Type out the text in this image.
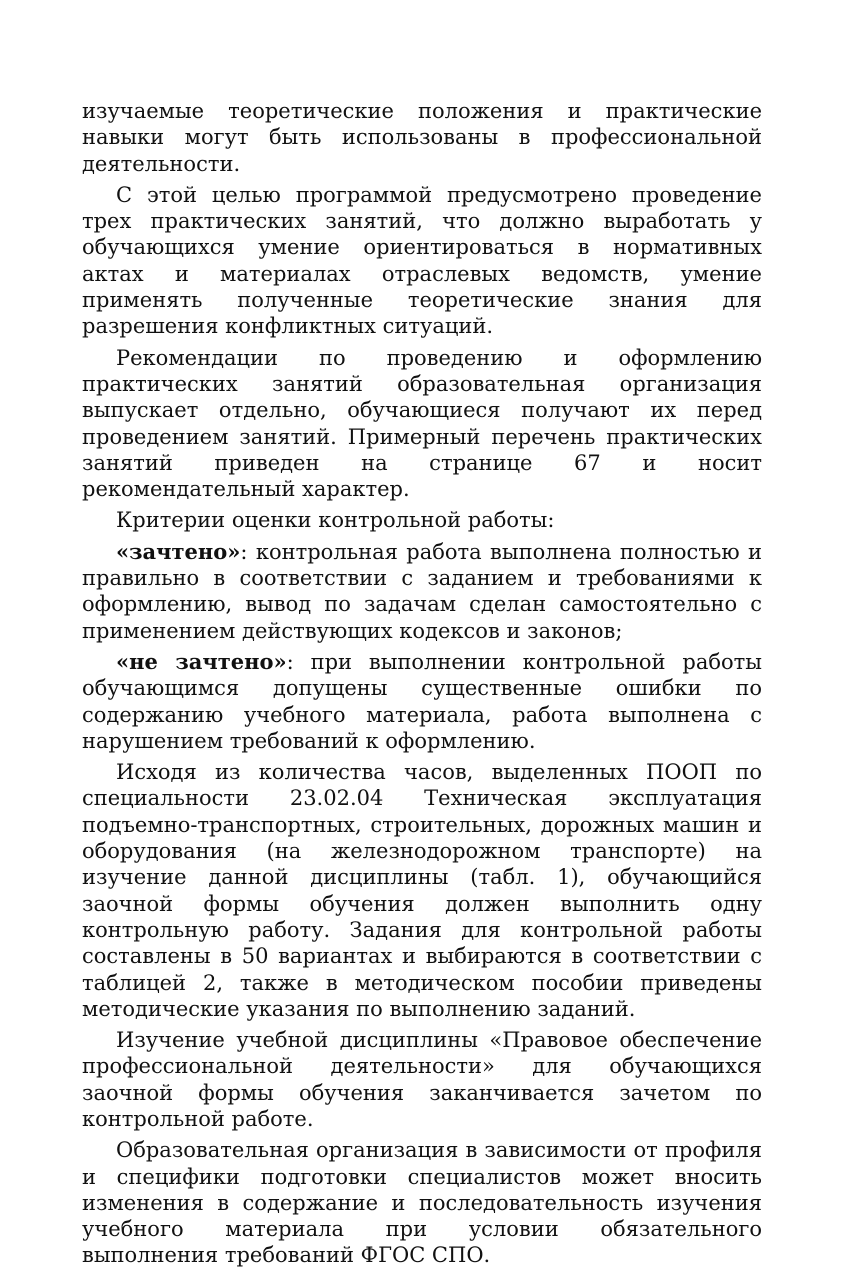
изучаемые теоретические положения и практические навыки могут быть использованы в профессиональной деятельности.

С этой целью программой предусмотрено проведение трех практических занятий, что должно выработать у обучающихся умение ориентироваться в нормативных актах и материалах отраслевых ведомств, умение применять полученные теоретические знания для разрешения конфликтных ситуаций.

Рекомендации по проведению и оформлению практических занятий образовательная организация выпускает отдельно, обучающиеся получают их перед проведением занятий. Примерный перечень практических занятий приведен на странице 67 и носит рекомендательный характер.

Критерии оценки контрольной работы:

«зачтено»: контрольная работа выполнена полностью и правильно в соответствии с заданием и требованиями к оформлению, вывод по задачам сделан самостоятельно с применением действующих кодексов и законов;

«не зачтено»: при выполнении контрольной работы обучающимся допущены существенные ошибки по содержанию учебного материала, работа выполнена с нарушением требований к оформлению.

Исходя из количества часов, выделенных ПООП по специальности 23.02.04 Техническая эксплуатация подъемно-транспортных, строительных, дорожных машин и оборудования (на железнодорожном транспорте) на изучение данной дисциплины (табл. 1), обучающийся заочной формы обучения должен выполнить одну контрольную работу. Задания для контрольной работы составлены в 50 вариантах и выбираются в соответствии с таблицей 2, также в методическом пособии приведены методические указания по выполнению заданий.

Изучение учебной дисциплины «Правовое обеспечение профессиональной деятельности» для обучающихся заочной формы обучения заканчивается зачетом по контрольной работе.

Образовательная организация в зависимости от профиля и специфики подготовки специалистов может вносить изменения в содержание и последовательность изучения учебного материала при условии обязательного выполнения требований ФГОС СПО.
